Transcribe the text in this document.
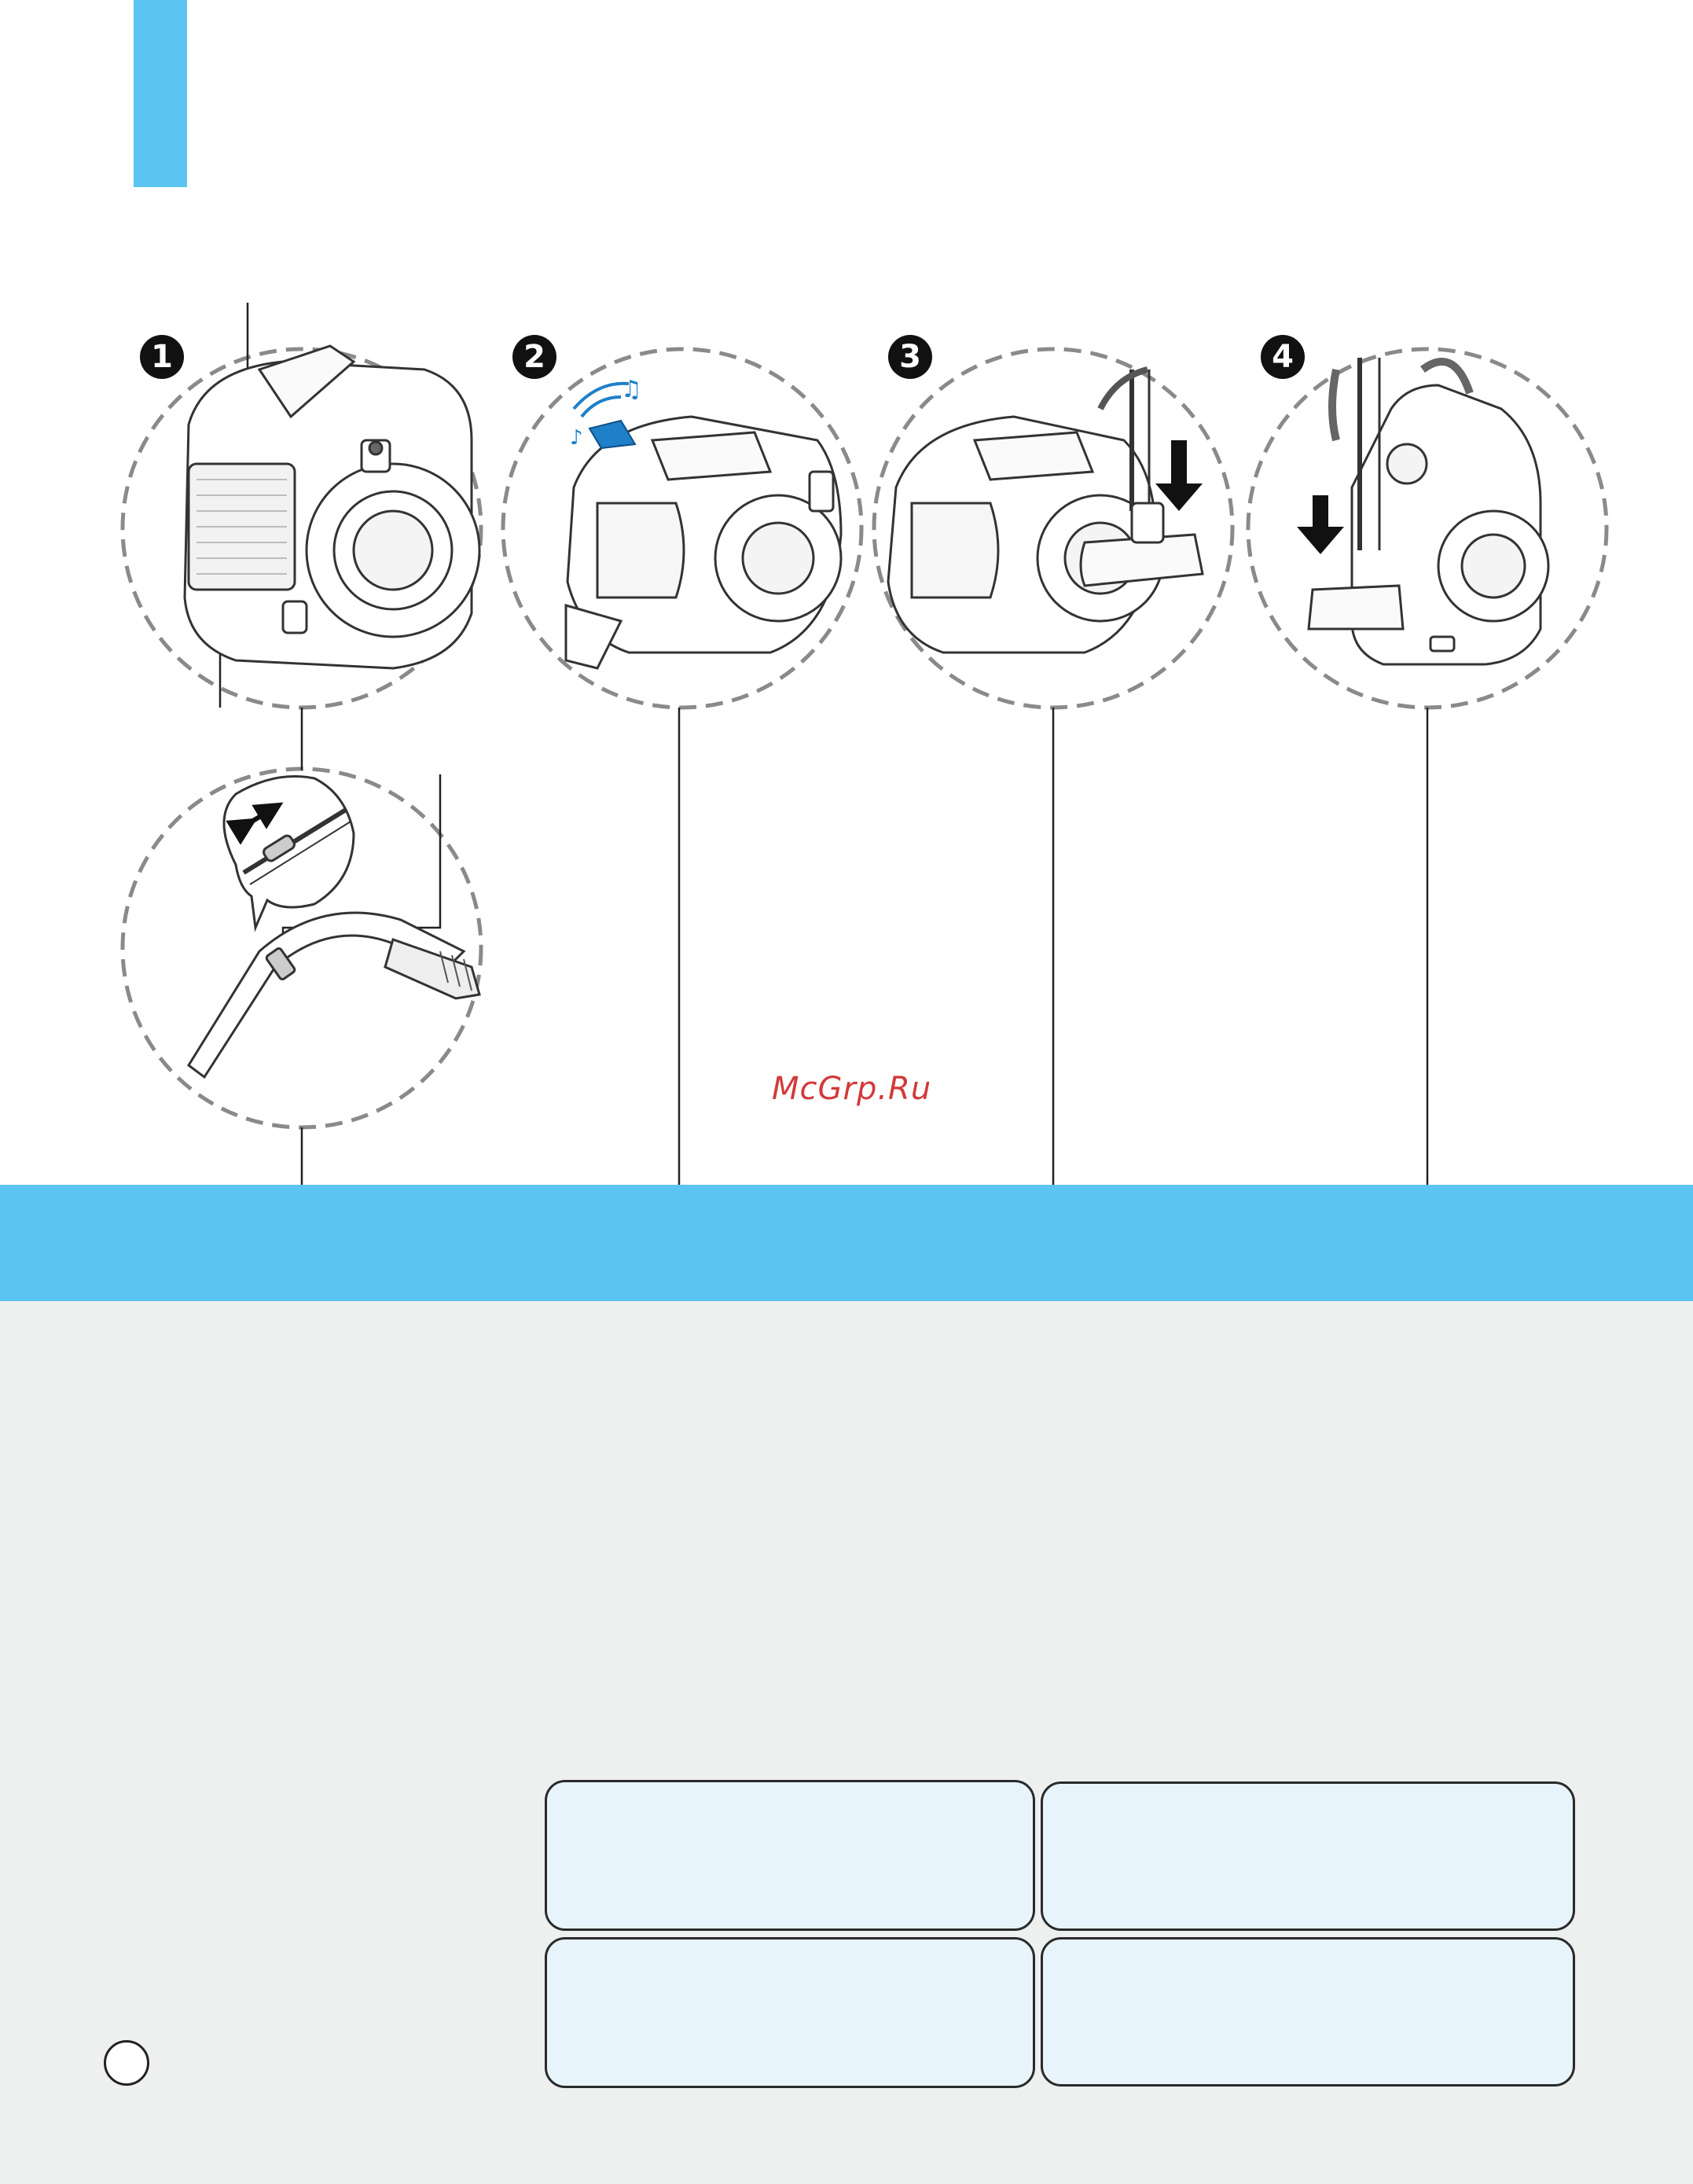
♪
♫
1	2	3	4
McGrp.Ru
